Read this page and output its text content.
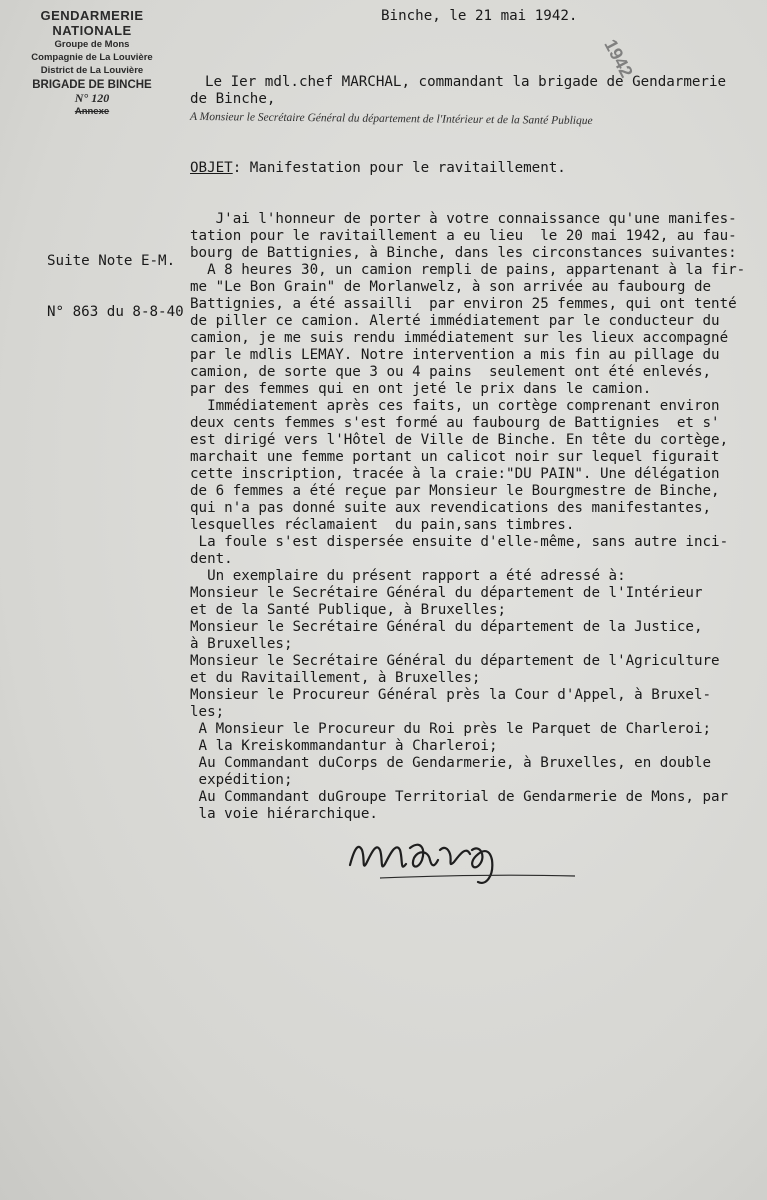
GENDARMERIE NATIONALE
Groupe de Mons
Compagnie de La Louvière
District de La Louvière
BRIGADE DE BINCHE
N° 120
Annexe
Binche, le 21 mai 1942.
Le Ier mdl.chef MARCHAL, commandant la brigade de Gendarmerie
de Binche,
A Monsieur le Secrétaire Général du département de l'Intérieur et de la Santé Publique
1942
OBJET: Manifestation pour le ravitaillement.

Suite Note E-M.

N° 863 du 8-8-40

J'ai l'honneur de porter à votre connaissance qu'une manifes-
tation pour le ravitaillement a eu lieu  le 20 mai 1942, au fau-
bourg de Battignies, à Binche, dans les circonstances suivantes:
A 8 heures 30, un camion rempli de pains, appartenant à la fir-
me "Le Bon Grain" de Morlanwelz, à son arrivée au faubourg de
Battignies, a été assailli  par environ 25 femmes, qui ont tenté
de piller ce camion. Alerté immédiatement par le conducteur du
camion, je me suis rendu immédiatement sur les lieux accompagné
par le mdlis LEMAY. Notre intervention a mis fin au pillage du
camion, de sorte que 3 ou 4 pains  seulement ont été enlevés,
par des femmes qui en ont jeté le prix dans le camion.
Immédiatement après ces faits, un cortège comprenant environ
deux cents femmes s'est formé au faubourg de Battignies  et s'
est dirigé vers l'Hôtel de Ville de Binche. En tête du cortège,
marchait une femme portant un calicot noir sur lequel figurait
cette inscription, tracée à la craie:"DU PAIN". Une délégation
de 6 femmes a été reçue par Monsieur le Bourgmestre de Binche,
qui n'a pas donné suite aux revendications des manifestantes,
lesquelles réclamaient  du pain,sans timbres.
La foule s'est dispersée ensuite d'elle-même, sans autre inci-
dent.
Un exemplaire du présent rapport a été adressé à:
Monsieur le Secrétaire Général du département de l'Intérieur
et de la Santé Publique, à Bruxelles;
Monsieur le Secrétaire Général du département de la Justice,
à Bruxelles;
Monsieur le Secrétaire Général du département de l'Agriculture
et du Ravitaillement, à Bruxelles;
Monsieur le Procureur Général près la Cour d'Appel, à Bruxel-
les;
A Monsieur le Procureur du Roi près le Parquet de Charleroi;
A la Kreiskommandantur à Charleroi;
Au Commandant duCorps de Gendarmerie, à Bruxelles, en double
expédition;
Au Commandant duGroupe Territorial de Gendarmerie de Mons, par
la voie hiérarchique.
